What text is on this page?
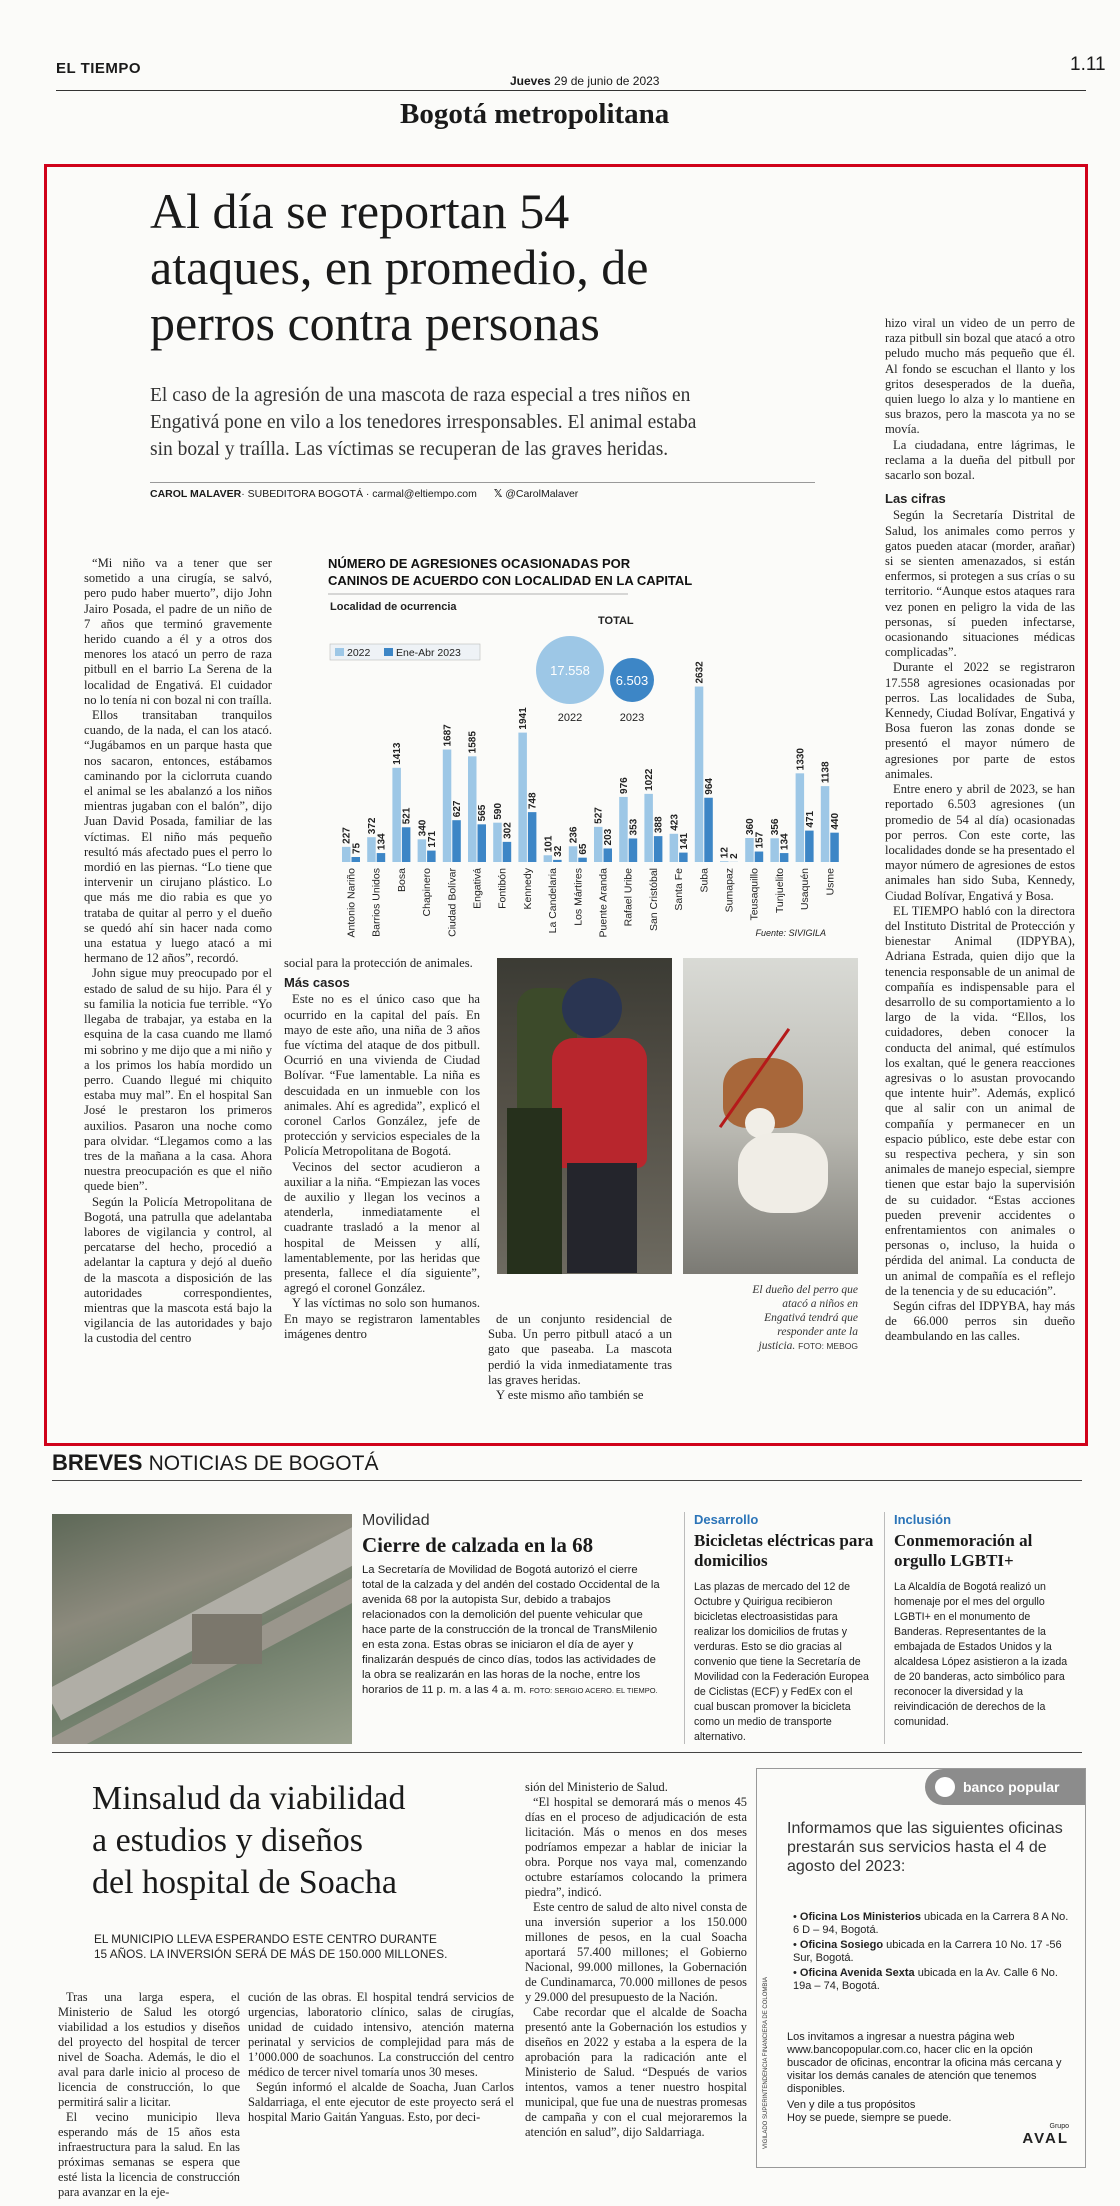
EL TIEMPO
Jueves 29 de junio de 2023
1.11
Bogotá metropolitana
Al día se reportan 54
ataques, en promedio, de
perros contra personas
El caso de la agresión de una mascota de raza especial a tres niños en
Engativá pone en vilo a los tenedores irresponsables. El animal estaba
sin bozal y traílla. Las víctimas se recuperan de las graves heridas.
CAROL MALAVER· SUBEDITORA BOGOTÁ · carmal@eltiempo.com 𝕏 @CarolMalaver

“Mi niño va a tener que ser sometido a una cirugía, se salvó, pero pudo haber muerto”, dijo John Jairo Posada, el padre de un niño de 7 años que terminó gravemente herido cuando a él y a otros dos menores los atacó un perro de raza pitbull en el barrio La Serena de la localidad de Engativá. El cuidador no lo tenía ni con bozal ni con traílla.

Ellos transitaban tranquilos cuando, de la nada, el can los atacó. “Jugábamos en un parque hasta que nos sacaron, entonces, estábamos caminando por la ciclorruta cuando el animal se les abalanzó a los niños mientras jugaban con el balón”, dijo Juan David Posada, familiar de las víctimas. El niño más pequeño resultó más afectado pues el perro lo mordió en las piernas. “Lo tiene que intervenir un cirujano plástico. Lo que más me dio rabia es que yo trataba de quitar al perro y el dueño se quedó ahí sin hacer nada como una estatua y luego atacó a mi hermano de 12 años”, recordó.

John sigue muy preocupado por el estado de salud de su hijo. Para él y su familia la noticia fue terrible. “Yo llegaba de trabajar, ya estaba en la esquina de la casa cuando me llamó mi sobrino y me dijo que a mi niño y a los primos los había mordido un perro. Cuando llegué mi chiquito estaba muy mal”. En el hospital San José le prestaron los primeros auxilios. Pasaron una noche como para olvidar. “Llegamos como a las tres de la mañana a la casa. Ahora nuestra preocupación es que el niño quede bien”.

Según la Policía Metropolitana de Bogotá, una patrulla que adelantaba labores de vigilancia y control, al percatarse del hecho, procedió a adelantar la captura y dejó al dueño de la mascota a disposición de las autoridades correspondientes, mientras que la mascota está bajo la vigilancia de las autoridades y bajo la custodia del centro

NÚMERO DE AGRESIONES OCASIONADAS POR
CANINOS DE ACUERDO CON LOCALIDAD EN LA CAPITAL
Localidad de ocurrencia
2022 Ene-Abr 2023
TOTAL
17.558
2022
6.503
2023
227
75
Antonio Nariño
372
134
Barrios Unidos
1413
521
Bosa
340
171
Chapinero
1687
627
Ciudad Bolívar
1585
565
Engativá
590
302
Fontibón
1941
748
Kennedy
101
32
La Candelaria
236
65
Los Mártires
527
203
Puente Aranda
976
353
Rafael Uribe
1022
388
San Cristóbal
423
141
Santa Fe
2632
964
Suba
12
2
Sumapaz
360
157
Teusaquillo
356
134
Tunjuelito
1330
471
Usaquén
1138
440
Usme
Fuente: SIVIGILA

social para la protección de animales.

Más casos

Este no es el único caso que ha ocurrido en la capital del país. En mayo de este año, una niña de 3 años fue víctima del ataque de dos pitbull. Ocurrió en una vivienda de Ciudad Bolívar. “Fue lamentable. La niña es descuidada en un inmueble con los animales. Ahí es agredida”, explicó el coronel Carlos González, jefe de protección y servicios especiales de la Policía Metropolitana de Bogotá.

Vecinos del sector acudieron a auxiliar a la niña. “Empiezan las voces de auxilio y llegan los vecinos a atenderla, inmediatamente el cuadrante trasladó a la menor al hospital de Meissen y allí, lamentablemente, por las heridas que presenta, fallece el día siguiente”, agregó el coronel González.

Y las víctimas no solo son humanos. En mayo se registraron lamentables imágenes dentro

El dueño del perro que atacó a niños en Engativá tendrá que responder ante la justicia. FOTO: MEBOG

de un conjunto residencial de Suba. Un perro pitbull atacó a un gato que paseaba. La mascota perdió la vida inmediatamente tras las graves heridas.

Y este mismo año también se

hizo viral un video de un perro de raza pitbull sin bozal que atacó a otro peludo mucho más pequeño que él. Al fondo se escuchan el llanto y los gritos desesperados de la dueña, quien luego lo alza y lo mantiene en sus brazos, pero la mascota ya no se movía.

La ciudadana, entre lágrimas, le reclama a la dueña del pitbull por sacarlo son bozal.

Las cifras

Según la Secretaría Distrital de Salud, los animales como perros y gatos pueden atacar (morder, arañar) si se sienten amenazados, si están enfermos, si protegen a sus crías o su territorio. “Aunque estos ataques rara vez ponen en peligro la vida de las personas, sí pueden infectarse, ocasionando situaciones médicas complicadas”.

Durante el 2022 se registraron 17.558 agresiones ocasionadas por perros. Las localidades de Suba, Kennedy, Ciudad Bolívar, Engativá y Bosa fueron las zonas donde se presentó el mayor número de agresiones por parte de estos animales.

Entre enero y abril de 2023, se han reportado 6.503 agresiones (un promedio de 54 al día) ocasionadas por perros. Con este corte, las localidades donde se ha presentado el mayor número de agresiones de estos animales han sido Suba, Kennedy, Ciudad Bolívar, Engativá y Bosa.

EL TIEMPO habló con la directora del Instituto Distrital de Protección y bienestar Animal (IDPYBA), Adriana Estrada, quien dijo que la tenencia responsable de un animal de compañía es indispensable para el desarrollo de su comportamiento a lo largo de la vida. “Ellos, los cuidadores, deben conocer la conducta del animal, qué estímulos los exaltan, qué le genera reacciones agresivas o lo asustan provocando que intente huir”. Además, explicó que al salir con un animal de compañía y permanecer en un espacio público, este debe estar con su respectiva pechera, y sin son animales de manejo especial, siempre tienen que estar bajo la supervisión de su cuidador. “Estas acciones pueden prevenir accidentes o enfrentamientos con animales o personas o, incluso, la huida o pérdida del animal. La conducta de un animal de compañía es el reflejo de la tenencia y de su educación”.

Según cifras del IDPYBA, hay más de 66.000 perros sin dueño deambulando en las calles.

BREVES NOTICIAS DE BOGOTÁ
Movilidad
Cierre de calzada en la 68
La Secretaría de Movilidad de Bogotá autorizó el cierre total de la calzada y del andén del costado Occidental de la avenida 68 por la autopista Sur, debido a trabajos relacionados con la demolición del puente vehicular que hace parte de la construcción de la troncal de TransMilenio en esta zona. Estas obras se iniciaron el día de ayer y finalizarán después de cinco días, todos las actividades de la obra se realizarán en las horas de la noche, entre los horarios de 11 p. m. a las 4 a. m. FOTO: SERGIO ACERO. EL TIEMPO.
Desarrollo
Bicicletas eléctricas para domicilios
Las plazas de mercado del 12 de Octubre y Quirigua recibieron bicicletas electroasistidas para realizar los domicilios de frutas y verduras. Esto se dio gracias al convenio que tiene la Secretaría de Movilidad con la Federación Europea de Ciclistas (ECF) y FedEx con el cual buscan promover la bicicleta como un medio de transporte alternativo.
Inclusión
Conmemoración al orgullo LGBTI+
La Alcaldía de Bogotá realizó un homenaje por el mes del orgullo LGBTI+ en el monumento de Banderas. Representantes de la embajada de Estados Unidos y la alcaldesa López asistieron a la izada de 20 banderas, acto simbólico para reconocer la diversidad y la reivindicación de derechos de la comunidad.
Minsalud da viabilidad
a estudios y diseños
del hospital de Soacha
EL MUNICIPIO LLEVA ESPERANDO ESTE CENTRO DURANTE
15 AÑOS. LA INVERSIÓN SERÁ DE MÁS DE 150.000 MILLONES.

Tras una larga espera, el Ministerio de Salud les otorgó viabilidad a los estudios y diseños del proyecto del hospital de tercer nivel de Soacha. Además, le dio el aval para darle inicio al proceso de licencia de construcción, lo que permitirá salir a licitar.

El vecino municipio lleva esperando más de 15 años esta infraestructura para la salud. En las próximas semanas se espera que esté lista la licencia de construcción para avanzar en la eje-

cución de las obras. El hospital tendrá servicios de urgencias, laboratorio clínico, salas de cirugías, unidad de cuidado intensivo, atención materna perinatal y servicios de complejidad para más de 1’000.000 de soachunos. La construcción del centro médico de tercer nivel tomaría unos 30 meses.

Según informó el alcalde de Soacha, Juan Carlos Saldarriaga, el ente ejecutor de este proyecto será el hospital Mario Gaitán Yanguas. Esto, por deci-

sión del Ministerio de Salud.

“El hospital se demorará más o menos 45 días en el proceso de adjudicación de esta licitación. Más o menos en dos meses podríamos empezar a hablar de iniciar la obra. Porque nos vaya mal, comenzando octubre estaríamos colocando la primera piedra”, indicó.

Este centro de salud de alto nivel consta de una inversión superior a los 150.000 millones de pesos, en la cual Soacha aportará 57.400 millones; el Gobierno Nacional, 99.000 millones, la Gobernación de Cundinamarca, 70.000 millones de pesos y 29.000 del presupuesto de la Nación.

Cabe recordar que el alcalde de Soacha presentó ante la Gobernación los estudios y diseños en 2022 y estaba a la espera de la aprobación para la radicación ante el Ministerio de Salud. “Después de varios intentos, vamos a tener nuestro hospital municipal, que fue una de nuestras promesas de campaña y con el cual mejoraremos la atención en salud”, dijo Saldarriaga.

banco popular
Informamos que las siguientes oficinas prestarán sus servicios hasta el 4 de agosto del 2023:
• Oficina Los Ministerios ubicada en la Carrera 8 A No. 6 D – 94, Bogotá.
• Oficina Sosiego ubicada en la Carrera 10 No. 17 -56 Sur, Bogotá.
• Oficina Avenida Sexta ubicada en la Av. Calle 6 No. 19a – 74, Bogotá.
Los invitamos a ingresar a nuestra página web www.bancopopular.com.co, hacer clic en la opción buscador de oficinas, encontrar la oficina más cercana y visitar los demás canales de atención que tenemos disponibles.
Ven y dile a tus propósitos
Hoy se puede, siempre se puede.
VIGILADO SUPERINTENDENCIA FINANCIERA DE COLOMBIA	Grupo
AVAL
